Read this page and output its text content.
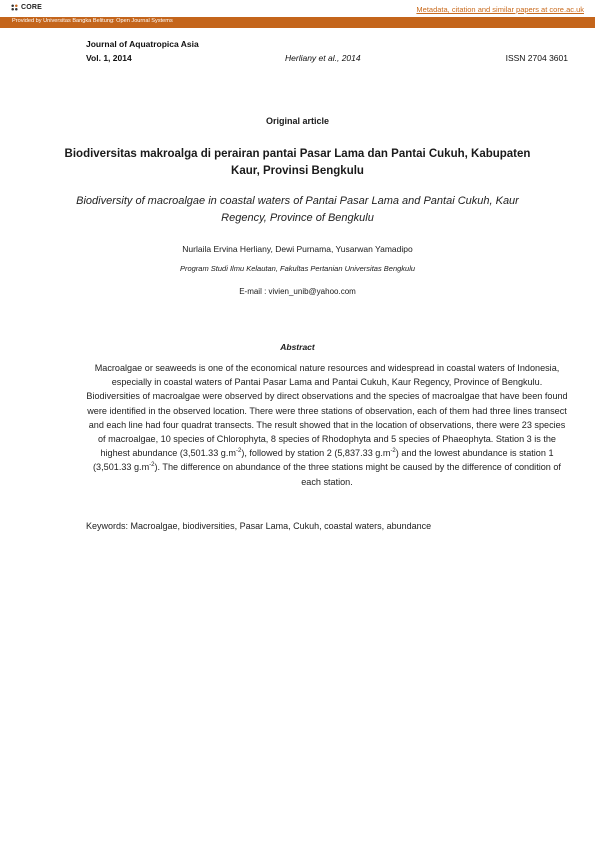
CORE	Metadata, citation and similar papers at core.ac.uk
Provided by Universitas Bangka Belitung: Open Journal Systems
Journal of Aquatropica Asia
Vol. 1, 2014	Herliany et al., 2014	ISSN 2704 3601
Original article
Biodiversitas makroalga di perairan pantai Pasar Lama dan Pantai Cukuh, Kabupaten Kaur, Provinsi Bengkulu
Biodiversity of macroalgae in coastal waters of Pantai Pasar Lama and Pantai Cukuh, Kaur Regency, Province of Bengkulu
Nurlaila Ervina Herliany, Dewi Purnama, Yusarwan Yamadipo
Program Studi Ilmu Kelautan, Fakultas Pertanian Universitas Bengkulu
E-mail : vivien_unib@yahoo.com
Abstract
Macroalgae or seaweeds is one of the economical nature resources and widespread in coastal waters of Indonesia, especially in coastal waters of Pantai Pasar Lama and Pantai Cukuh, Kaur Regency, Province of Bengkulu. Biodiversities of macroalgae were observed by direct observations and the species of macroalgae that have been found were identified in the observed location. There were three stations of observation, each of them had three lines transect and each line had four quadrat transects. The result showed that in the location of observations, there were 23 species of macroalgae, 10 species of Chlorophyta, 8 species of Rhodophyta and 5 species of Phaeophyta. Station 3 is the highest abundance (3,501.33 $g.m^{-2}$), followed by station 2 (5,837.33 $g.m^{-2}$) and the lowest abundance is station 1 (3,501.33 $g.m^{-2}$). The difference on abundance of the three stations might be caused by the difference of condition of each station.
Keywords: Macroalgae, biodiversities, Pasar Lama, Cukuh, coastal waters, abundance
